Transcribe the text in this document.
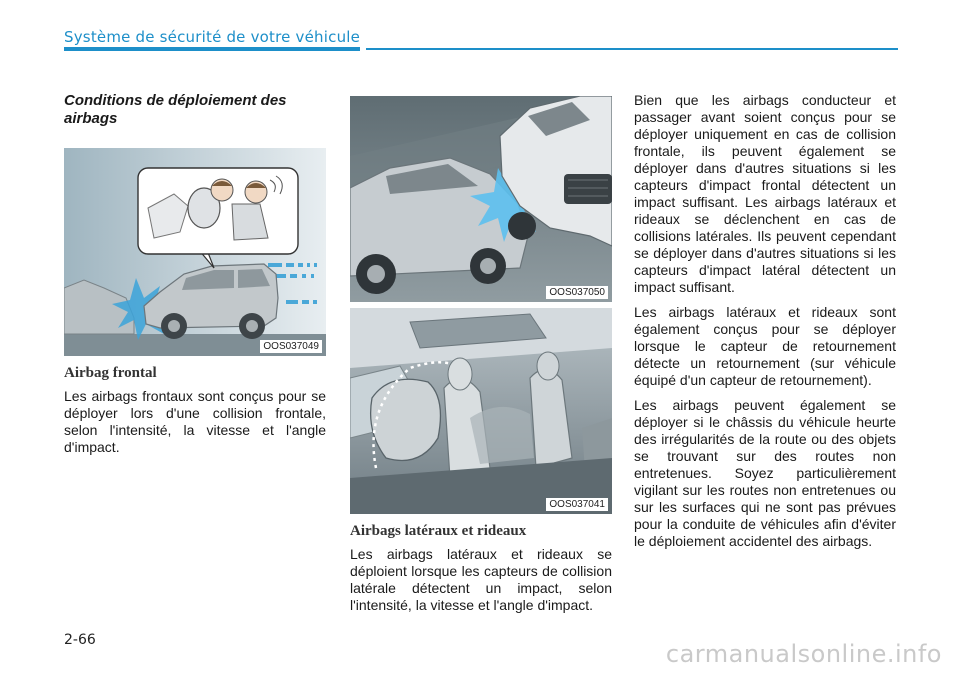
Système de sécurité de votre véhicule
Conditions de déploiement des airbags
OOS037049
Airbag frontal

Les airbags frontaux sont conçus pour se déployer lors d'une collision frontale, selon l'intensité, la vitesse et l'angle d'impact.

OOS037050
OOS037041
Airbags latéraux et rideaux

Les airbags latéraux et rideaux se déploient lorsque les capteurs de collision latérale détectent un impact, selon l'intensité, la vitesse et l'angle d'impact.

Bien que les airbags conducteur et passager avant soient conçus pour se déployer uniquement en cas de collision frontale, ils peuvent également se déployer dans d'autres situations si les capteurs d'impact frontal détectent un impact suffisant. Les airbags latéraux et rideaux se déclenchent en cas de collisions latérales. Ils peuvent cependant se déployer dans d'autres situations si les capteurs d'impact latéral détectent un impact suffisant.

Les airbags latéraux et rideaux sont également conçus pour se déployer lorsque le capteur de retournement détecte un retournement (sur véhicule équipé d'un capteur de retournement).

Les airbags peuvent également se déployer si le châssis du véhicule heurte des irrégularités de la route ou des objets se trouvant sur des routes non entretenues. Soyez particulièrement vigilant sur les routes non entretenues ou sur les surfaces qui ne sont pas prévues pour la conduite de véhicules afin d'éviter le déploiement accidentel des airbags.

2-66	carmanualsonline.info
